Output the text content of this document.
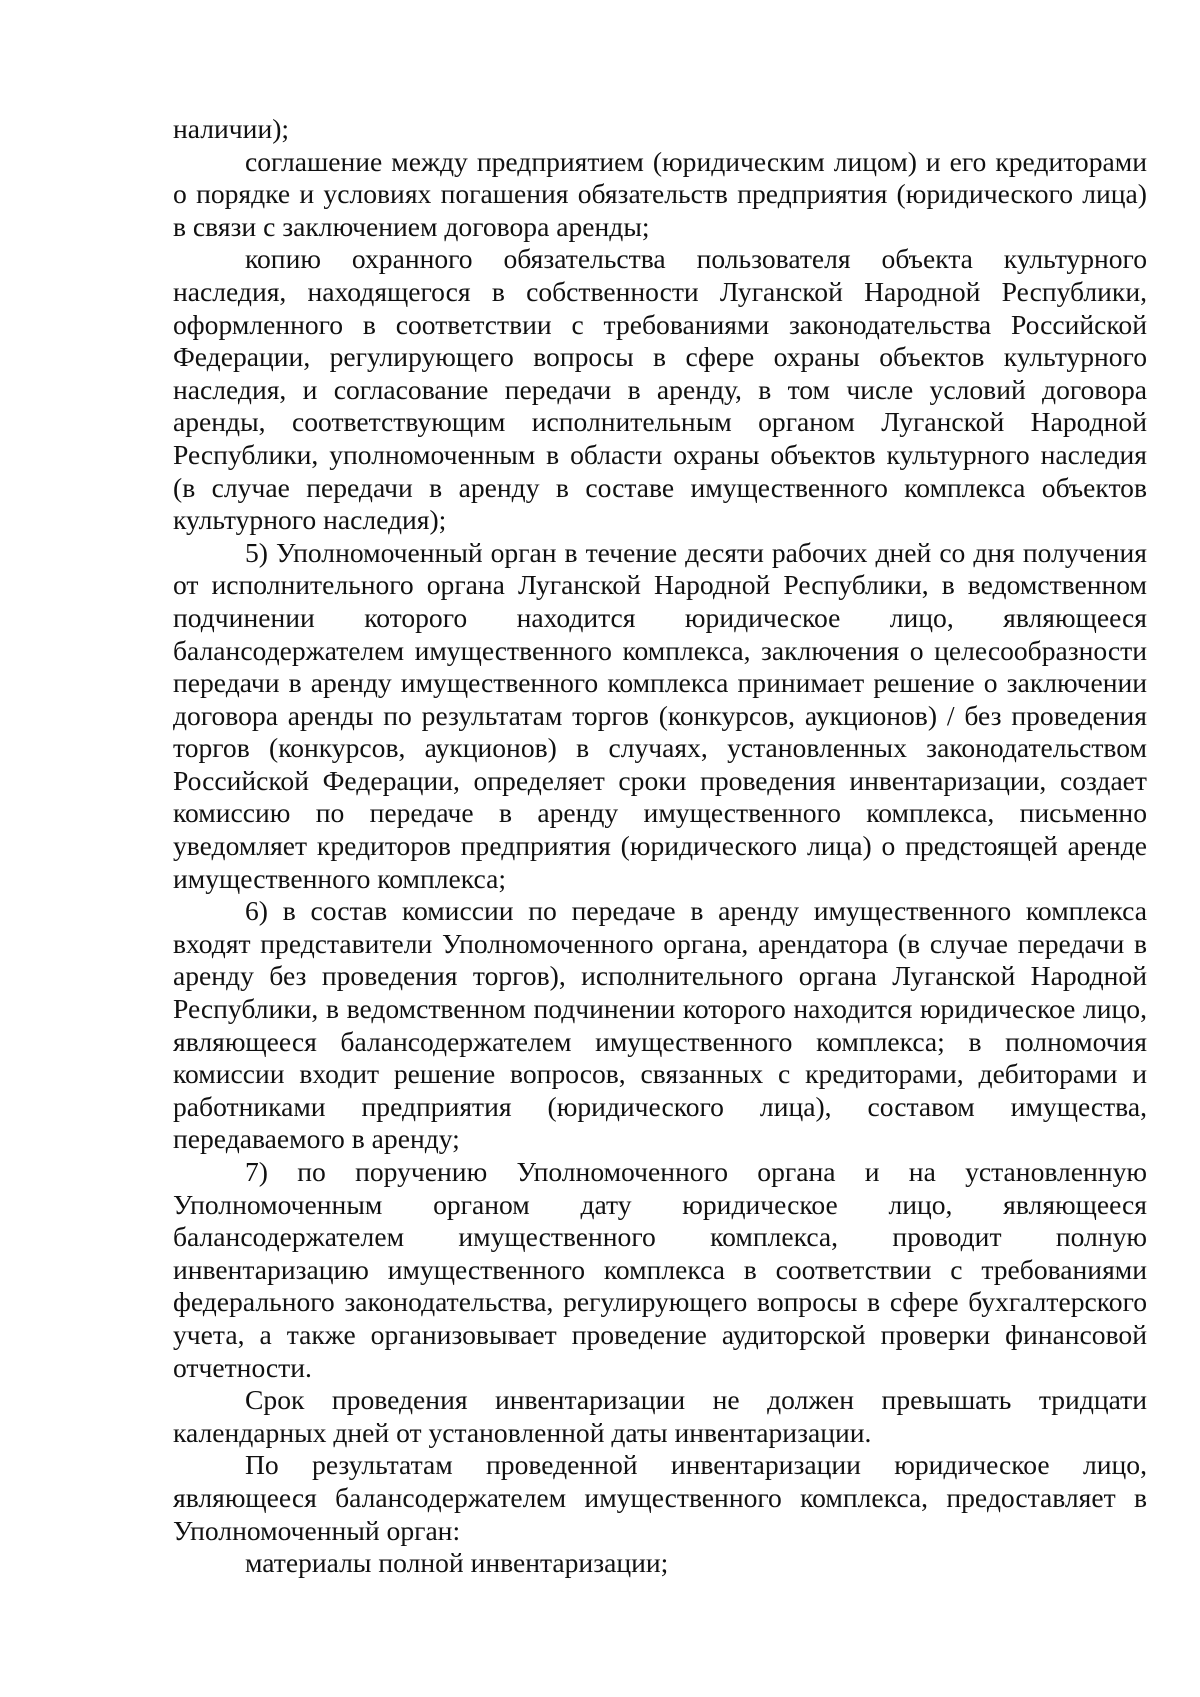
наличии);

соглашение между предприятием (юридическим лицом) и его кредиторами о порядке и условиях погашения обязательств предприятия (юридического лица) в связи с заключением договора аренды;

копию охранного обязательства пользователя объекта культурного наследия, находящегося в собственности Луганской Народной Республики, оформленного в соответствии с требованиями законодательства Российской Федерации, регулирующего вопросы в сфере охраны объектов культурного наследия, и согласование передачи в аренду, в том числе условий договора аренды, соответствующим исполнительным органом Луганской Народной Республики, уполномоченным в области охраны объектов культурного наследия (в случае передачи в аренду в составе имущественного комплекса объектов культурного наследия);

5) Уполномоченный орган в течение десяти рабочих дней со дня получения от исполнительного органа Луганской Народной Республики, в ведомственном подчинении которого находится юридическое лицо, являющееся балансодержателем имущественного комплекса, заключения о целесообразности передачи в аренду имущественного комплекса принимает решение о заключении договора аренды по результатам торгов (конкурсов, аукционов) / без проведения торгов (конкурсов, аукционов) в случаях, установленных законодательством Российской Федерации, определяет сроки проведения инвентаризации, создает комиссию по передаче в аренду имущественного комплекса, письменно уведомляет кредиторов предприятия (юридического лица) о предстоящей аренде имущественного комплекса;

6) в состав комиссии по передаче в аренду имущественного комплекса входят представители Уполномоченного органа, арендатора (в случае передачи в аренду без проведения торгов), исполнительного органа Луганской Народной Республики, в ведомственном подчинении которого находится юридическое лицо, являющееся балансодержателем имущественного комплекса; в полномочия комиссии входит решение вопросов, связанных с кредиторами, дебиторами и работниками предприятия (юридического лица), составом имущества, передаваемого в аренду;

7) по поручению Уполномоченного органа и на установленную Уполномоченным органом дату юридическое лицо, являющееся балансодержателем имущественного комплекса, проводит полную инвентаризацию имущественного комплекса в соответствии с требованиями федерального законодательства, регулирующего вопросы в сфере бухгалтерского учета, а также организовывает проведение аудиторской проверки финансовой отчетности.

Срок проведения инвентаризации не должен превышать тридцати календарных дней от установленной даты инвентаризации.

По результатам проведенной инвентаризации юридическое лицо, являющееся балансодержателем имущественного комплекса, предоставляет в Уполномоченный орган:

материалы полной инвентаризации;
